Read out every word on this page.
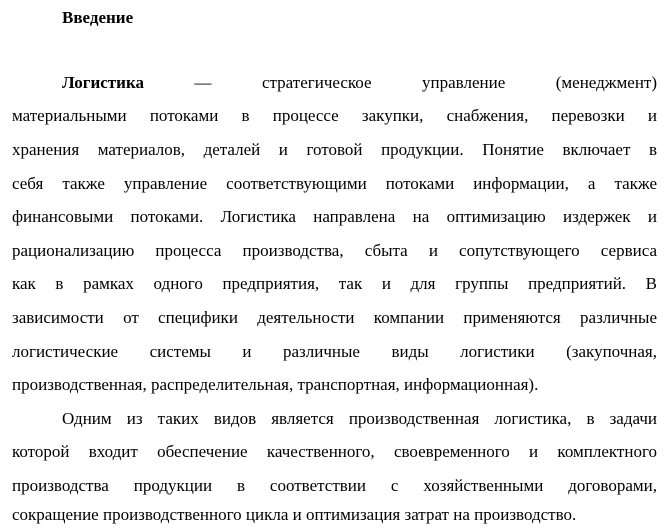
Введение
Логистика	— стратегическое управление (менеджмент)
материальными потоками в процессе закупки, снабжения, перевозки и
хранения материалов, деталей и готовой продукции. Понятие включает в
себя также управление соответствующими потоками информации, а также
финансовыми потоками. Логистика направлена на оптимизацию издержек и
рационализацию процесса производства, сбыта и сопутствующего сервиса
как в рамках одного предприятия, так и для группы предприятий. В
зависимости от специфики деятельности компании применяются различные
логистические системы и различные виды логистики (закупочная,
производственная, распределительная, транспортная, информационная).
Одним из таких видов является производственная логистика, в задачи
которой входит обеспечение качественного, своевременного и комплектного
производства продукции в соответствии с хозяйственными договорами,
сокращение производственного цикла и оптимизация затрат на производство.
